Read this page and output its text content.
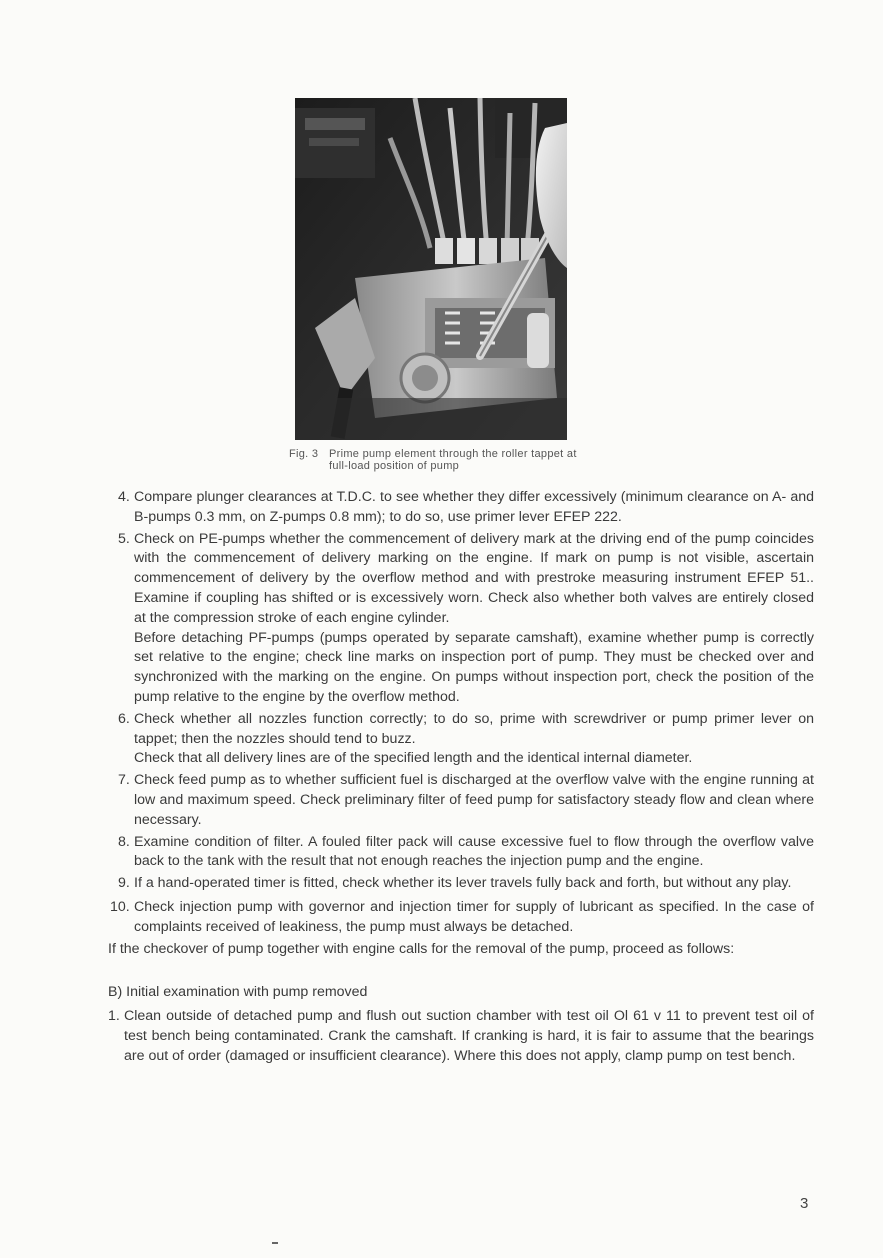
Fig. 3 Prime pump element through the roller tappet at
full-load position of pump
4. Compare plunger clearances at T.D.C. to see whether they differ excessively (minimum clearance on A- and B-pumps 0.3 mm, on Z-pumps 0.8 mm); to do so, use primer lever EFEP 222.

5. Check on PE-pumps whether the commencement of delivery mark at the driving end of the pump coincides with the commencement of delivery marking on the engine. If mark on pump is not visible, ascertain commencement of delivery by the overflow method and with prestroke measuring instrument EFEP 51.. Examine if coupling has shifted or is excessively worn. Check also whether both valves are entirely closed at the compression stroke of each engine cylinder.

Before detaching PF-pumps (pumps operated by separate camshaft), examine whether pump is correctly set relative to the engine; check line marks on inspection port of pump. They must be checked over and synchronized with the marking on the engine. On pumps without inspection port, check the position of the pump relative to the engine by the overflow method.

6. Check whether all nozzles function correctly; to do so, prime with screwdriver or pump primer lever on tappet; then the nozzles should tend to buzz.

Check that all delivery lines are of the specified length and the identical internal diameter.

7. Check feed pump as to whether sufficient fuel is discharged at the overflow valve with the engine running at low and maximum speed. Check preliminary filter of feed pump for satisfactory steady flow and clean where necessary.

8. Examine condition of filter. A fouled filter pack will cause excessive fuel to flow through the overflow valve back to the tank with the result that not enough reaches the injection pump and the engine.

9. If a hand-operated timer is fitted, check whether its lever travels fully back and forth, but without any play.

10. Check injection pump with governor and injection timer for supply of lubricant as specified. In the case of complaints received of leakiness, the pump must always be detached.

If the checkover of pump together with engine calls for the removal of the pump, proceed as follows:

B) Initial examination with pump removed

1. Clean outside of detached pump and flush out suction chamber with test oil Ol 61 v 11 to prevent test oil of test bench being contaminated. Crank the camshaft. If cranking is hard, it is fair to assume that the bearings are out of order (damaged or insufficient clearance). Where this does not apply, clamp pump on test bench.

3
